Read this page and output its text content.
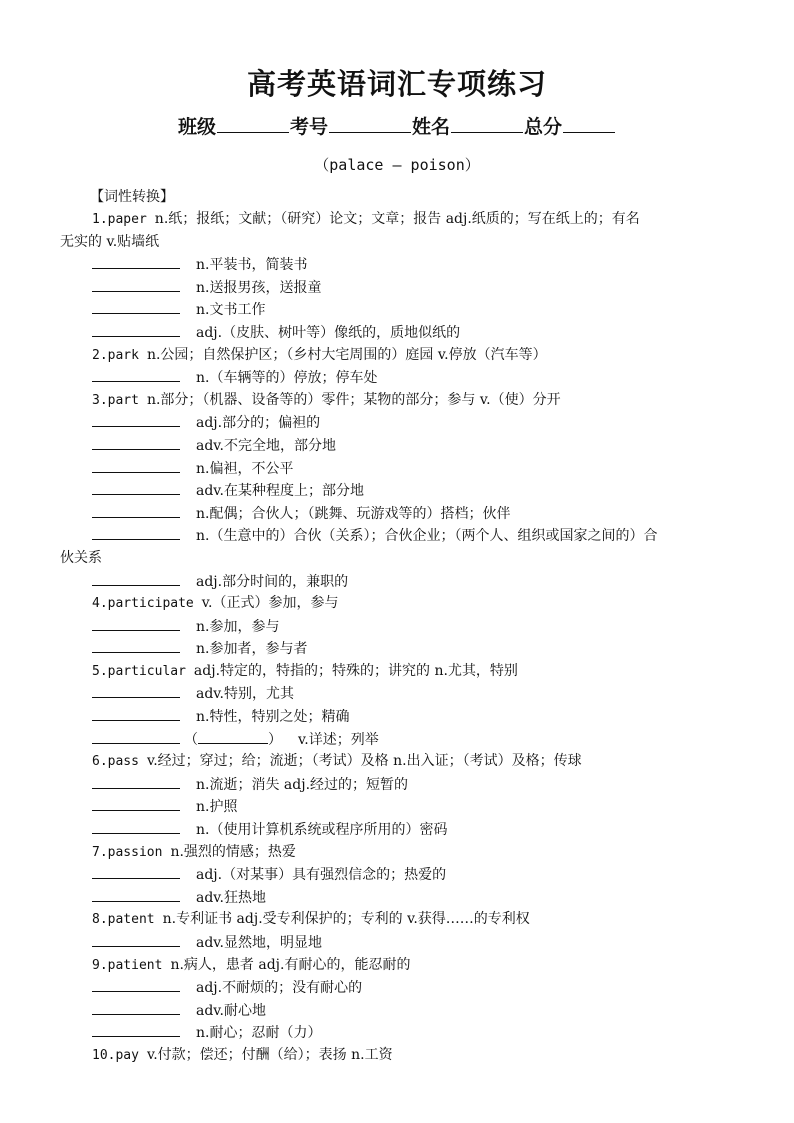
高考英语词汇专项练习
班级	考号	姓名	总分
（palace — poison）
【词性转换】
1.paper n.纸；报纸；文献；（研究）论文；文章；报告 adj.纸质的；写在纸上的；有名
无实的 v.贴墙纸
n.平装书，简装书
n.送报男孩，送报童
n.文书工作
adj.（皮肤、树叶等）像纸的，质地似纸的
2.park n.公园；自然保护区；（乡村大宅周围的）庭园 v.停放（汽车等）
n.（车辆等的）停放；停车处
3.part n.部分；（机器、设备等的）零件；某物的部分；参与 v.（使）分开
adj.部分的；偏袒的
adv.不完全地，部分地
n.偏袒，不公平
adv.在某种程度上；部分地
n.配偶；合伙人；（跳舞、玩游戏等的）搭档；伙伴
n.（生意中的）合伙（关系）；合伙企业；（两个人、组织或国家之间的）合
伙关系
adj.部分时间的，兼职的
4.participate v.（正式）参加，参与
n.参加，参与
n.参加者，参与者
5.particular adj.特定的，特指的；特殊的；讲究的 n.尤其，特别
adv.特别，尤其
n.特性，特别之处；精确
（	） v.详述；列举
6.pass v.经过；穿过；给；流逝；（考试）及格 n.出入证；（考试）及格；传球
n.流逝；消失 adj.经过的；短暂的
n.护照
n.（使用计算机系统或程序所用的）密码
7.passion n.强烈的情感；热爱
adj.（对某事）具有强烈信念的；热爱的
adv.狂热地
8.patent n.专利证书 adj.受专利保护的；专利的 v.获得……的专利权
adv.显然地，明显地
9.patient n.病人，患者 adj.有耐心的，能忍耐的
adj.不耐烦的；没有耐心的
adv.耐心地
n.耐心；忍耐（力）
10.pay v.付款；偿还；付酬（给）；表扬 n.工资
